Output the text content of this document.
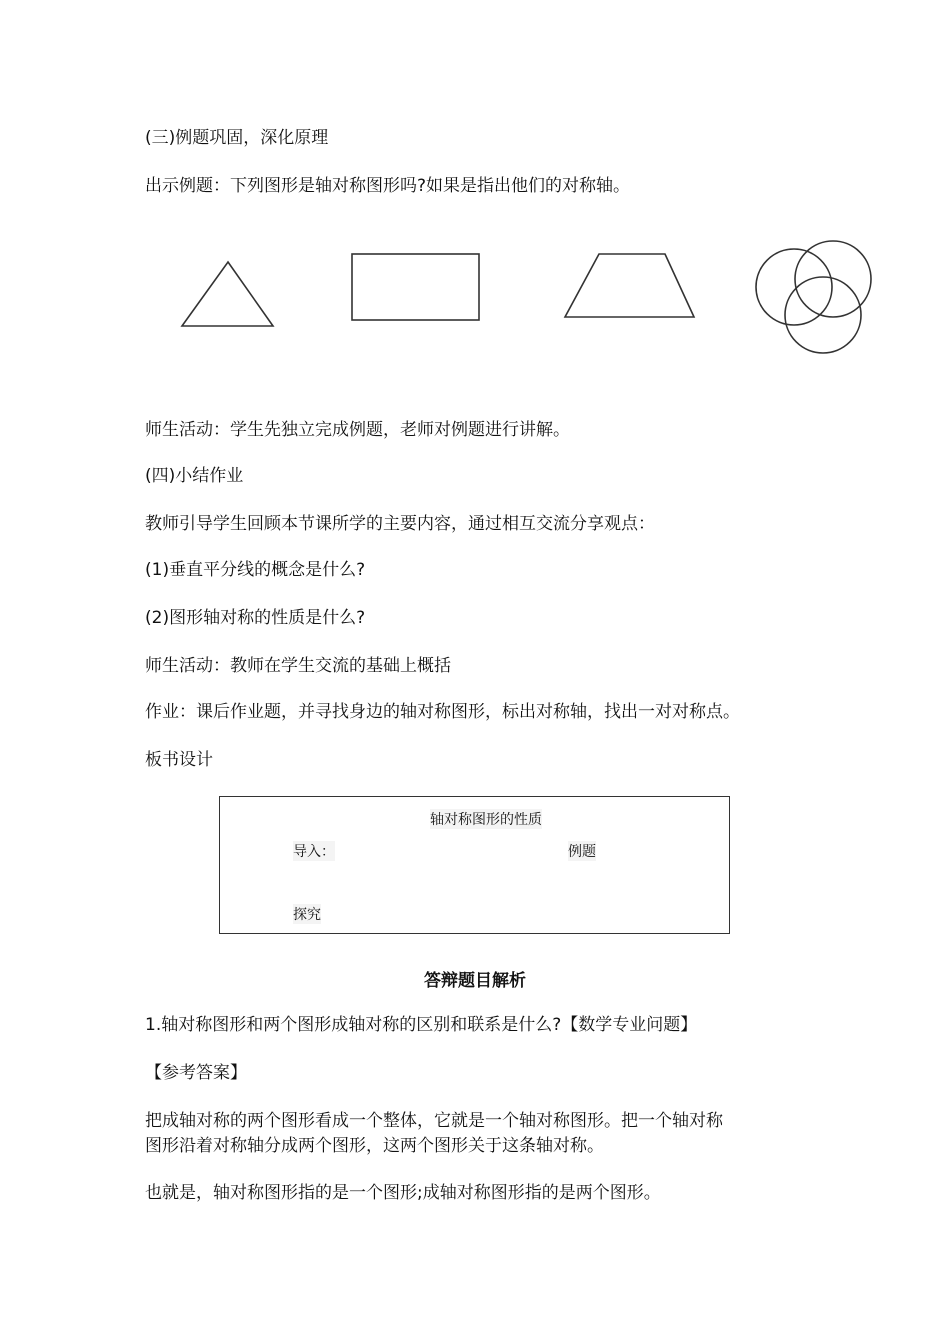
(三)例题巩固，深化原理
出示例题：下列图形是轴对称图形吗?如果是指出他们的对称轴。
师生活动：学生先独立完成例题，老师对例题进行讲解。
(四)小结作业
教师引导学生回顾本节课所学的主要内容，通过相互交流分享观点：
(1)垂直平分线的概念是什么?
(2)图形轴对称的性质是什么?
师生活动：教师在学生交流的基础上概括
作业：课后作业题，并寻找身边的轴对称图形，标出对称轴，找出一对对称点。
板书设计
轴对称图形的性质
导入：	例题
探究
答辩题目解析
1.轴对称图形和两个图形成轴对称的区别和联系是什么?【数学专业问题】
【参考答案】
把成轴对称的两个图形看成一个整体，它就是一个轴对称图形。把一个轴对称
图形沿着对称轴分成两个图形，这两个图形关于这条轴对称。
也就是，轴对称图形指的是一个图形;成轴对称图形指的是两个图形。
